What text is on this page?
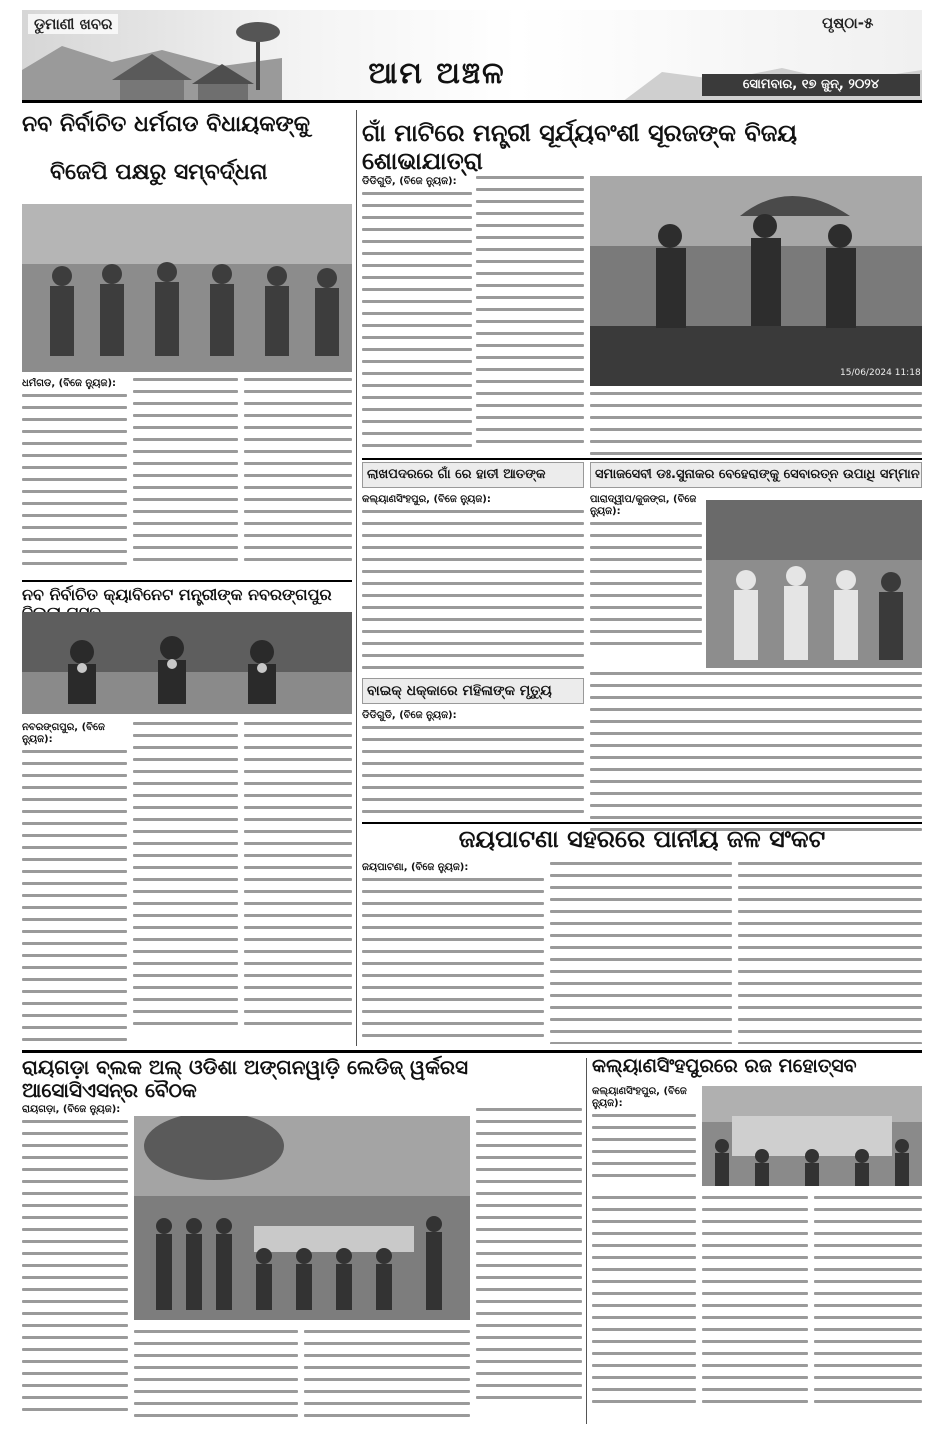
ଡୁମାଣୀ ଖବର
ଆମ ଅଞ୍ଚଳ
ପୃଷ୍ଠା-୫
ସୋମବାର, ୧୭ ଜୁନ୍, ୨୦୨୪
ନବ ନିର୍ବାଚିତ ଧର୍ମଗଡ ବିଧାୟକଙ୍କୁ
ବିଜେପି ପକ୍ଷରୁ ସମ୍ବର୍ଦ୍ଧନା
ଧର୍ମଗଡ, (ବିଜେ ନ୍ୟୁଜ):
ନବ ନିର୍ବାଚିତ କ୍ୟାବିନେଟ ମନ୍ତ୍ରୀଙ୍କ ନବରଙ୍ଗପୁର
ନବରଙ୍ଗପୁର, (ବିଜେ ନ୍ୟୁଜ):
ଗାଁ ମାଟିରେ ମନ୍ତ୍ରୀ ସୂର୍ଯ୍ୟବଂଶୀ ସୂରଜଙ୍କ ବିଜୟ ଶୋଭାଯାତ୍ରା
ଡିଡିଗୁଡି, (ବିଜେ ନ୍ୟୁଜ):
15/06/2024 11:18
ଲାଖପଦରରେ ଗାଁ ରେ ହାତୀ ଆତଙ୍କ
କଲ୍ୟାଣସିଂହପୁର, (ବିଜେ ନ୍ୟୁଜ):
ବାଇକ୍ ଧକ୍କାରେ ମହିଳାଙ୍କ ମୃତ୍ୟୁ
ଡିଡିଗୁଡି, (ବିଜେ ନ୍ୟୁଜ):
ସମାଜସେବୀ ଡଃ.ସୁନାକର ବେହେରାଙ୍କୁ ସେବାରତ୍ନ ଉପାଧି ସମ୍ମାନ
ପାରାଦ୍ୱୀପ/କୁଜଙ୍ଗ, (ବିଜେ ନ୍ୟୁଜ):
ଜୟପାଟଣା ସହରରେ ପାନୀୟ ଜଳ ସଂକଟ
ଜୟପାଟଣା, (ବିଜେ ନ୍ୟୁଜ):
ରାୟଗଡ଼ା ବ୍ଲକ ଅଲ୍ ଓଡିଶା ଅଙ୍ଗନୱାଡ଼ି ଲେଡିଜ୍ ୱର୍କରସ ଆସୋସିଏସନ୍‌ର ବୈଠକ
ରାୟଗଡ଼ା, (ବିଜେ ନ୍ୟୁଜ):
କଲ୍ୟାଣସିଂହପୁରରେ ରଜ ମହୋତ୍ସବ
କଲ୍ୟାଣସିଂହପୁର, (ବିଜେ ନ୍ୟୁଜ):
